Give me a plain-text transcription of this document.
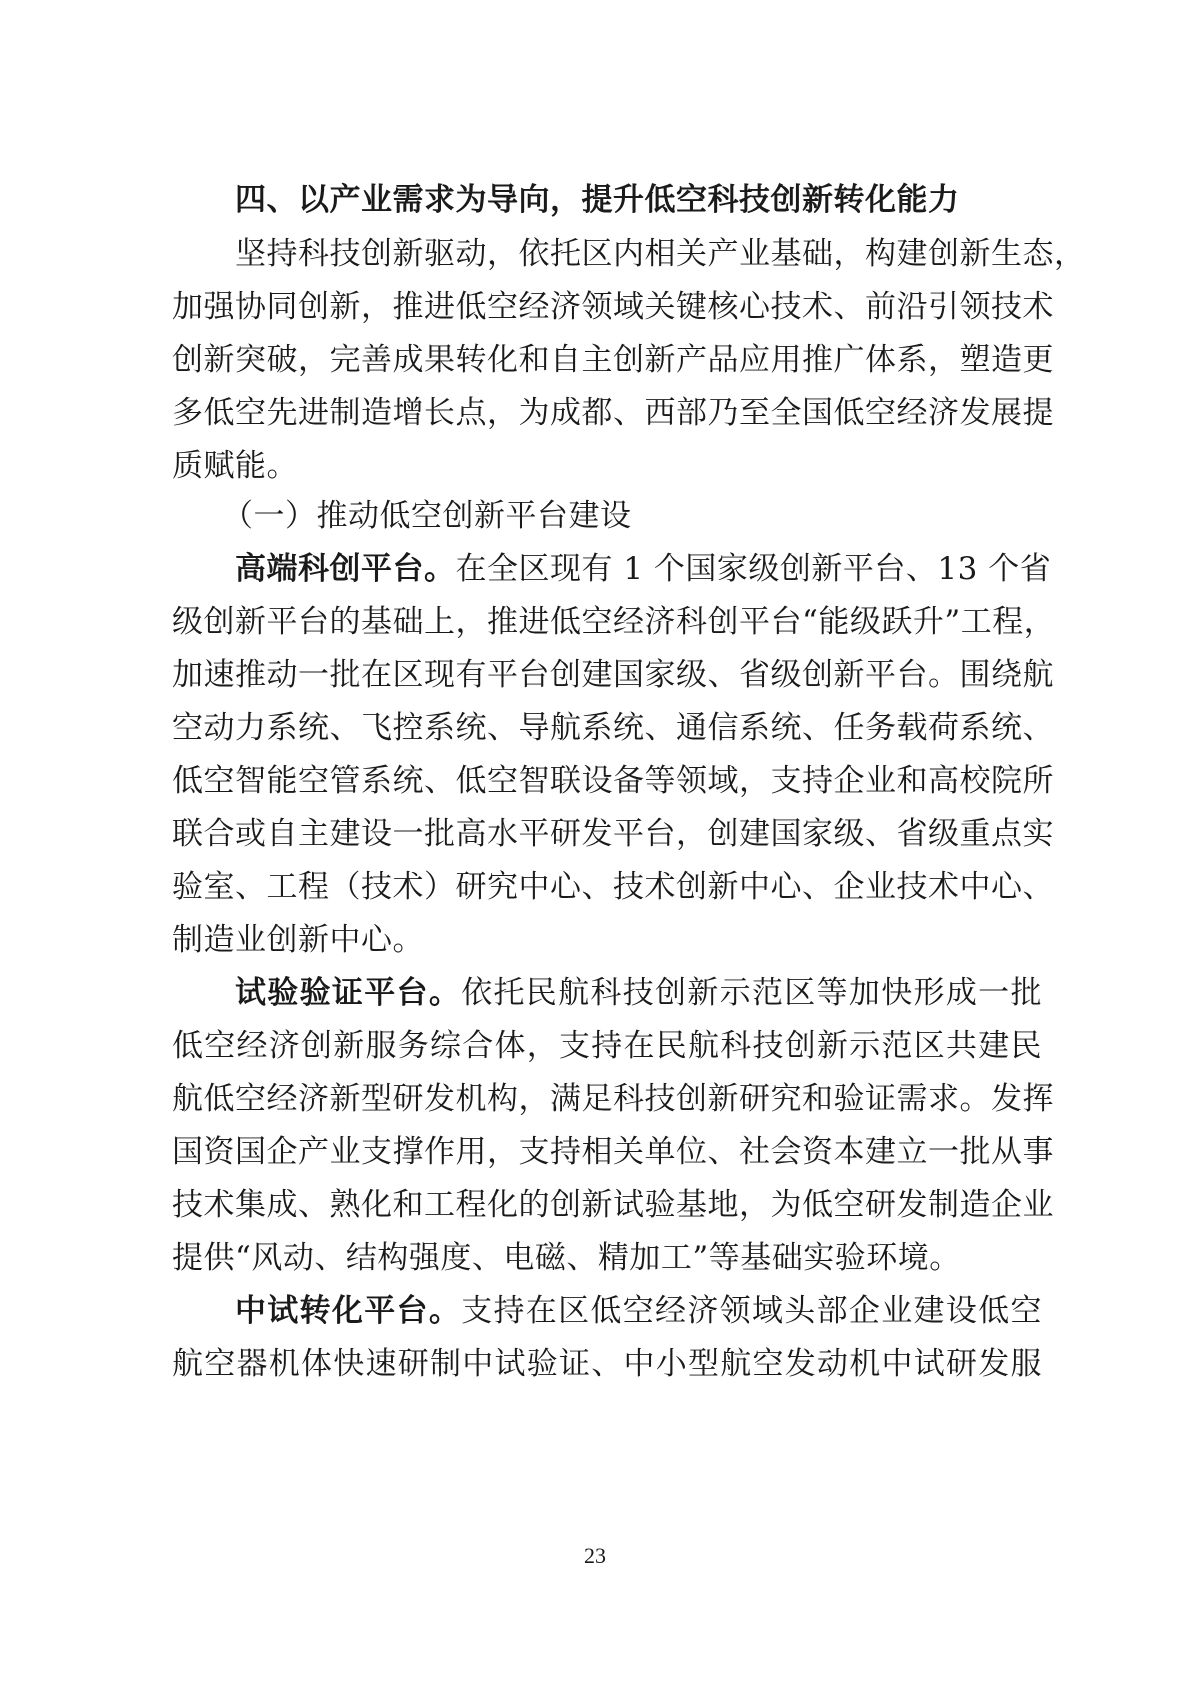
四、以产业需求为导向，提升低空科技创新转化能力
坚持科技创新驱动，依托区内相关产业基础，构建创新生态，
加强协同创新，推进低空经济领域关键核心技术、前沿引领技术
创新突破，完善成果转化和自主创新产品应用推广体系，塑造更
多低空先进制造增长点，为成都、西部乃至全国低空经济发展提
质赋能。
（一）推动低空创新平台建设
高端科创平台。在全区现有 1 个国家级创新平台、13 个省
级创新平台的基础上，推进低空经济科创平台“能级跃升”工程，
加速推动一批在区现有平台创建国家级、省级创新平台。围绕航
空动力系统、飞控系统、导航系统、通信系统、任务载荷系统、
低空智能空管系统、低空智联设备等领域，支持企业和高校院所
联合或自主建设一批高水平研发平台，创建国家级、省级重点实
验室、工程（技术）研究中心、技术创新中心、企业技术中心、
制造业创新中心。
试验验证平台。依托民航科技创新示范区等加快形成一批
低空经济创新服务综合体，支持在民航科技创新示范区共建民
航低空经济新型研发机构，满足科技创新研究和验证需求。发挥
国资国企产业支撑作用，支持相关单位、社会资本建立一批从事
技术集成、熟化和工程化的创新试验基地，为低空研发制造企业
提供“风动、结构强度、电磁、精加工”等基础实验环境。
中试转化平台。支持在区低空经济领域头部企业建设低空
航空器机体快速研制中试验证、中小型航空发动机中试研发服
23
